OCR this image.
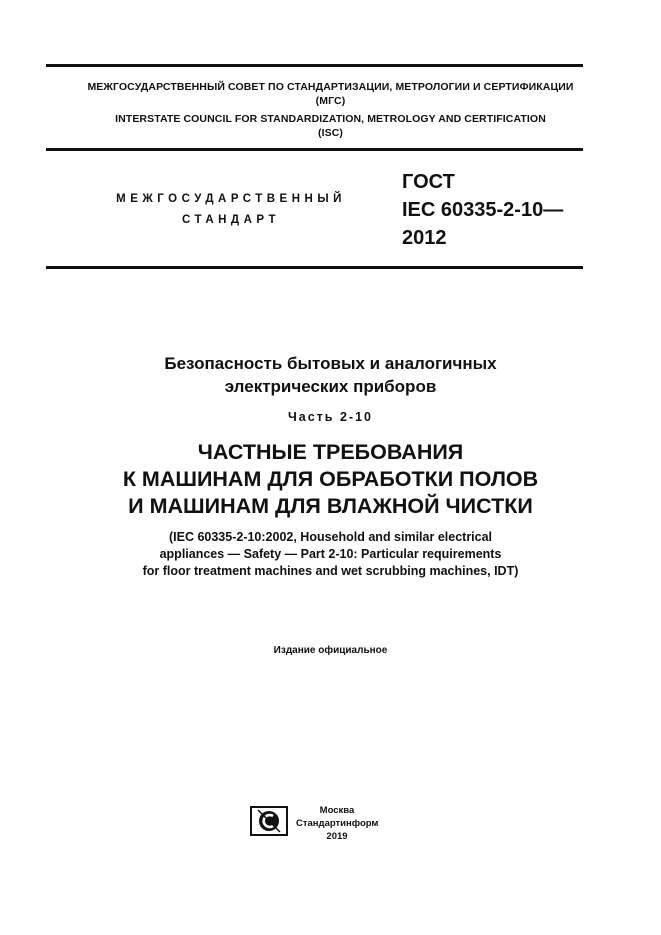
МЕЖГОСУДАРСТВЕННЫЙ СОВЕТ ПО СТАНДАРТИЗАЦИИ, МЕТРОЛОГИИ И СЕРТИФИКАЦИИ
(МГС)
INTERSTATE COUNCIL FOR STANDARDIZATION, METROLOGY AND CERTIFICATION
(ISC)
МЕЖГОСУДАРСТВЕННЫЙ
СТАНДАРТ
ГОСТ
IEC 60335-2-10—
2012
Безопасность бытовых и аналогичных
электрических приборов
Часть 2-10
ЧАСТНЫЕ ТРЕБОВАНИЯ
К МАШИНАМ ДЛЯ ОБРАБОТКИ ПОЛОВ
И МАШИНАМ ДЛЯ ВЛАЖНОЙ ЧИСТКИ
(IEC 60335-2-10:2002, Household and similar electrical
appliances — Safety — Part 2-10: Particular requirements
for floor treatment machines and wet scrubbing machines, IDT)
Издание официальное
Москва
Стандартинформ
2019
